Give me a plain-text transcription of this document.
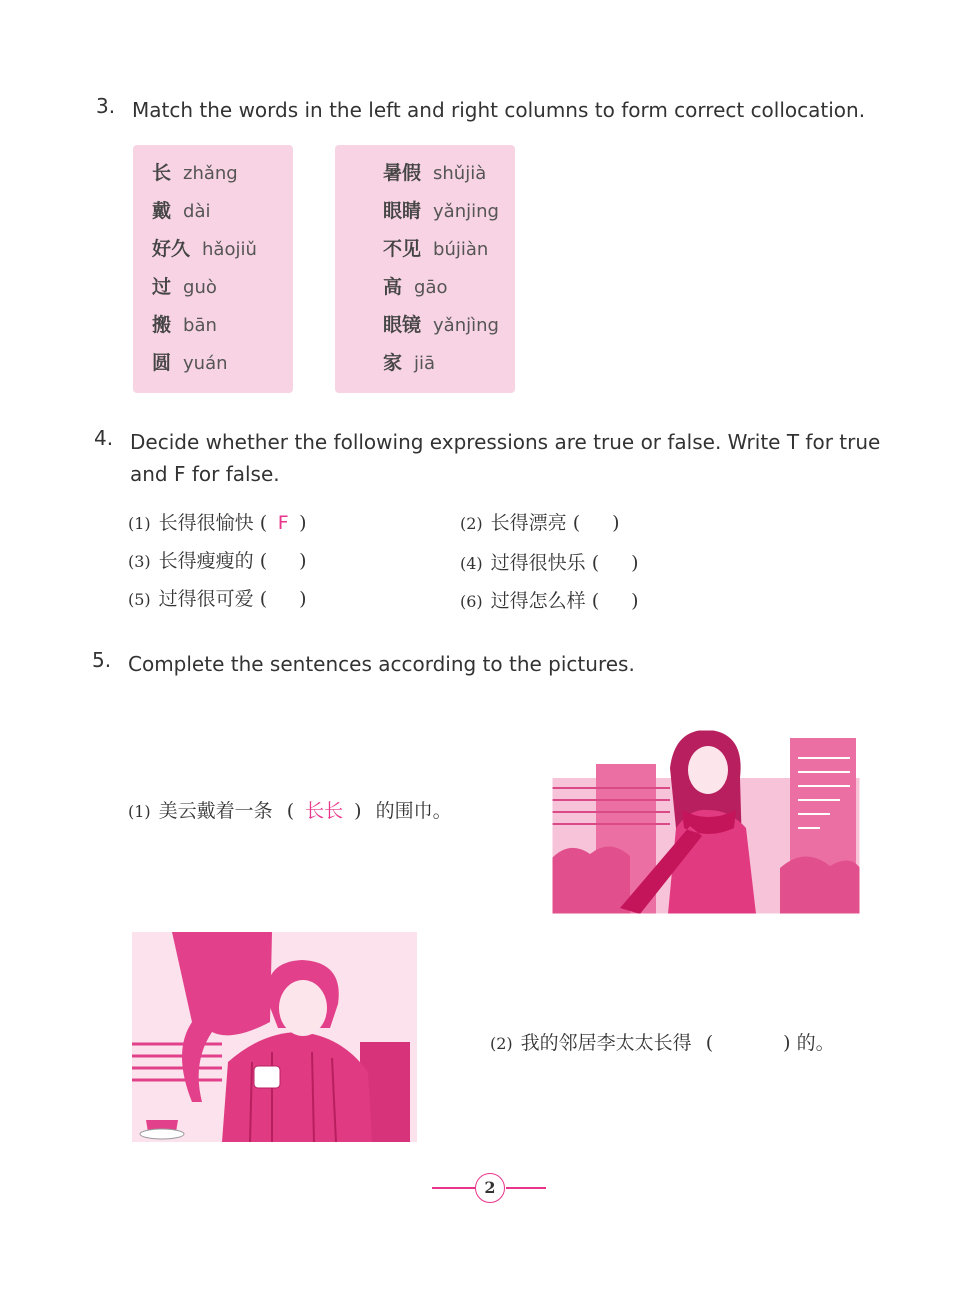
3. Match the words in the left and right columns to form correct collocation.
长 zhǎng
戴 dài
好久 hǎojiǔ
过 guò
搬 bān
圆 yuán
暑假 shǔjià
眼睛 yǎnjing
不见 bújiàn
高 gāo
眼镜 yǎnjìng
家 jiā
4. Decide whether the following expressions are true or false. Write T for true
and F for false.
(1) 长得很愉快 ( F )	(2) 长得漂亮 ( )
(3) 长得瘦瘦的 ( )	(4) 过得很快乐 ( )
(5) 过得很可爱 ( )	(6) 过得怎么样 ( )
5. Complete the sentences according to the pictures.
(1) 美云戴着一条 ( 长长 ) 的围巾。
(2) 我的邻居李太太长得 (	) 的。
2
